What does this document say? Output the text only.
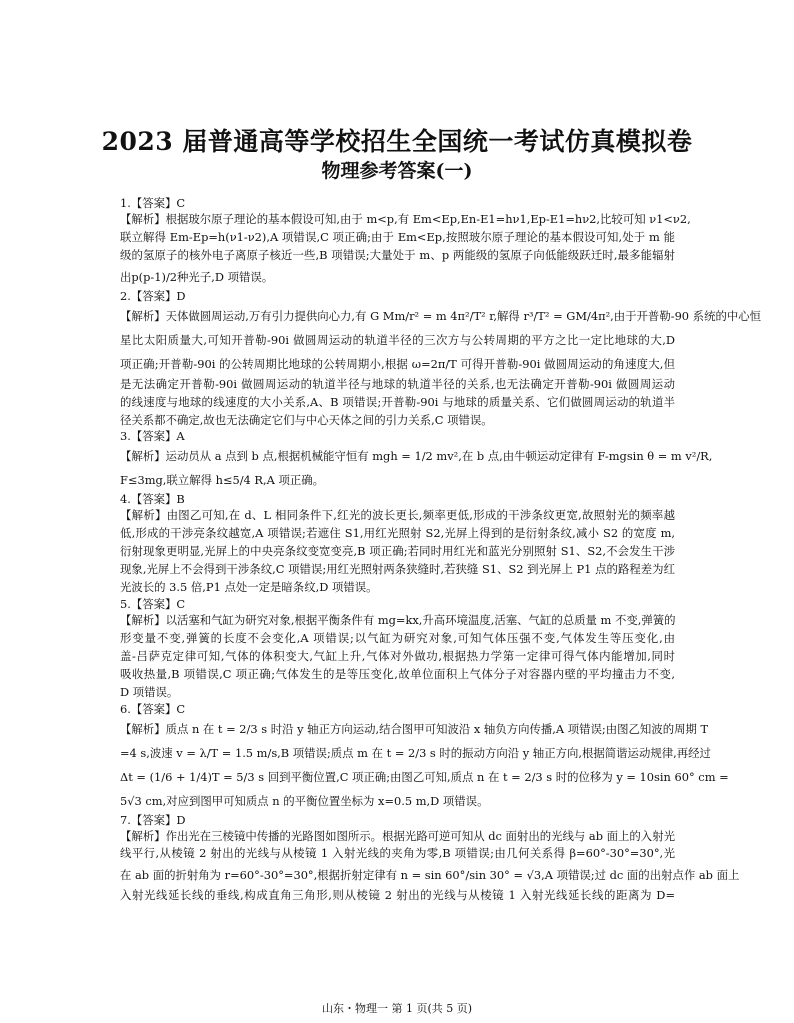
2023 届普通高等学校招生全国统一考试仿真模拟卷
物理参考答案(一)
1.【答案】C
【解析】根据玻尔原子理论的基本假设可知,由于 m<p,有 Em<Ep,En-E1=hν1,Ep-E1=hν2,比较可知 ν1<ν2,
联立解得 Em-Ep=h(ν1-ν2),A 项错误,C 项正确;由于 Em<Ep,按照玻尔原子理论的基本假设可知,处于 m 能
级的氢原子的核外电子离原子核近一些,B 项错误;大量处于 m、p 两能级的氢原子向低能级跃迁时,最多能辐射
出p(p-1)/2种光子,D 项错误。
2.【答案】D
【解析】天体做圆周运动,万有引力提供向心力,有 G Mm/r² = m 4π²/T² r,解得 r³/T² = GM/4π²,由于开普勒-90 系统的中心恒
星比太阳质量大,可知开普勒-90i 做圆周运动的轨道半径的三次方与公转周期的平方之比一定比地球的大,D
项正确;开普勒-90i 的公转周期比地球的公转周期小,根据 ω=2π/T 可得开普勒-90i 做圆周运动的角速度大,但
是无法确定开普勒-90i 做圆周运动的轨道半径与地球的轨道半径的关系,也无法确定开普勒-90i 做圆周运动
的线速度与地球的线速度的大小关系,A、B 项错误;开普勒-90i 与地球的质量关系、它们做圆周运动的轨道半
径关系都不确定,故也无法确定它们与中心天体之间的引力关系,C 项错误。
3.【答案】A
【解析】运动员从 a 点到 b 点,根据机械能守恒有 mgh = 1/2 mv²,在 b 点,由牛顿运动定律有 F-mgsin θ = m v²/R,
F≤3mg,联立解得 h≤5/4 R,A 项正确。
4.【答案】B
【解析】由图乙可知,在 d、L 相同条件下,红光的波长更长,频率更低,形成的干涉条纹更宽,故照射光的频率越
低,形成的干涉亮条纹越宽,A 项错误;若遮住 S1,用红光照射 S2,光屏上得到的是衍射条纹,减小 S2 的宽度 m,
衍射现象更明显,光屏上的中央亮条纹变宽变亮,B 项正确;若同时用红光和蓝光分别照射 S1、S2,不会发生干涉
现象,光屏上不会得到干涉条纹,C 项错误;用红光照射两条狭缝时,若狭缝 S1、S2 到光屏上 P1 点的路程差为红
光波长的 3.5 倍,P1 点处一定是暗条纹,D 项错误。
5.【答案】C
【解析】以活塞和气缸为研究对象,根据平衡条件有 mg=kx,升高环境温度,活塞、气缸的总质量 m 不变,弹簧的
形变量不变,弹簧的长度不会变化,A 项错误;以气缸为研究对象,可知气体压强不变,气体发生等压变化,由
盖-吕萨克定律可知,气体的体积变大,气缸上升,气体对外做功,根据热力学第一定律可得气体内能增加,同时
吸收热量,B 项错误,C 项正确;气体发生的是等压变化,故单位面积上气体分子对容器内壁的平均撞击力不变,
D 项错误。
6.【答案】C
【解析】质点 n 在 t = 2/3 s 时沿 y 轴正方向运动,结合图甲可知波沿 x 轴负方向传播,A 项错误;由图乙知波的周期 T
=4 s,波速 v = λ/T = 1.5 m/s,B 项错误;质点 m 在 t = 2/3 s 时的振动方向沿 y 轴正方向,根据简谐运动规律,再经过
Δt = (1/6 + 1/4)T = 5/3 s 回到平衡位置,C 项正确;由图乙可知,质点 n 在 t = 2/3 s 时的位移为 y = 10sin 60° cm =
5√3 cm,对应到图甲可知质点 n 的平衡位置坐标为 x=0.5 m,D 项错误。
7.【答案】D
【解析】作出光在三棱镜中传播的光路图如图所示。根据光路可逆可知从 dc 面射出的光线与 ab 面上的入射光
线平行,从棱镜 2 射出的光线与从棱镜 1 入射光线的夹角为零,B 项错误;由几何关系得 β=60°-30°=30°,光
在 ab 面的折射角为 r=60°-30°=30°,根据折射定律有 n = sin 60°/sin 30° = √3,A 项错误;过 dc 面的出射点作 ab 面上
入射光线延长线的垂线,构成直角三角形,则从棱镜 2 射出的光线与从棱镜 1 入射光线延长线的距离为 D=
山东・物理一 第 1 页(共 5 页)
